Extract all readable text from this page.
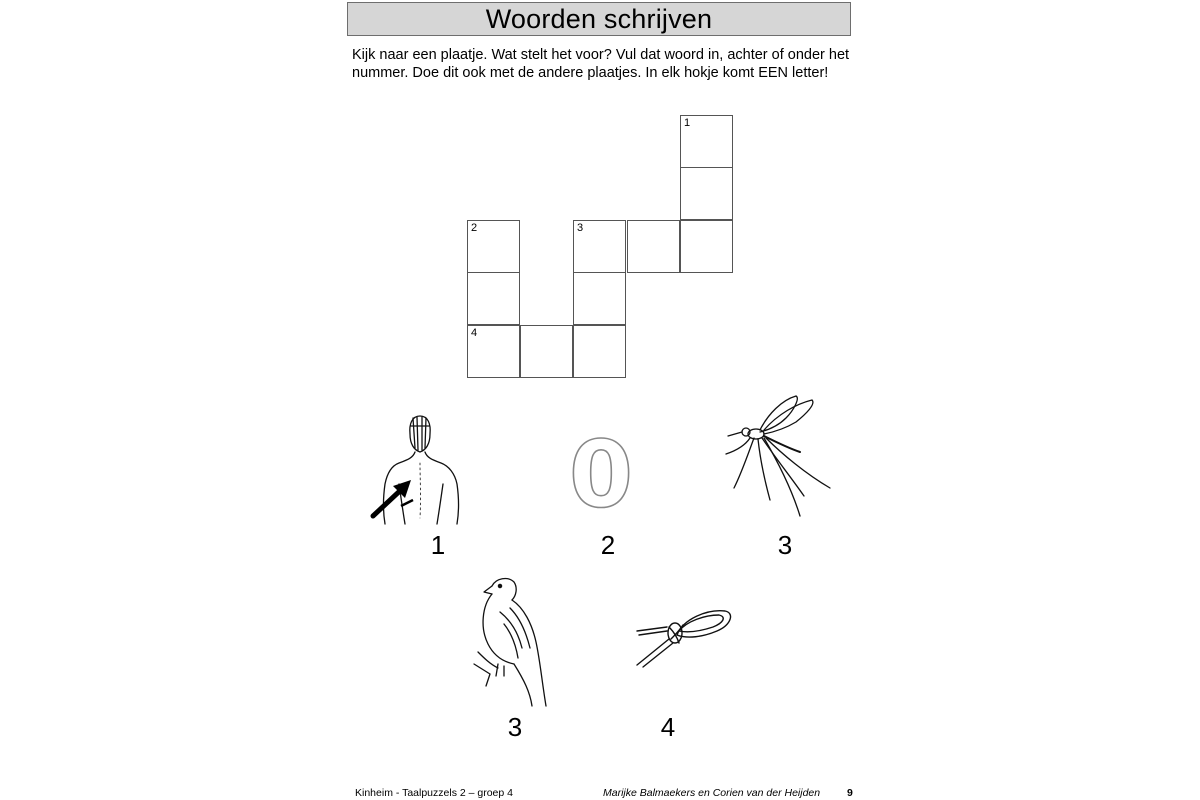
Woorden schrijven

Kijk naar een plaatje. Wat stelt het voor? Vul dat woord in, achter of onder het nummer. Doe dit ook met de andere plaatjes. In elk hokje komt EEN letter!

1
3
2
4
1
0
2	3
3	4
Kinheim - Taalpuzzels 2 – groep 4	Marijke Balmaekers en Corien van der Heijden	9
